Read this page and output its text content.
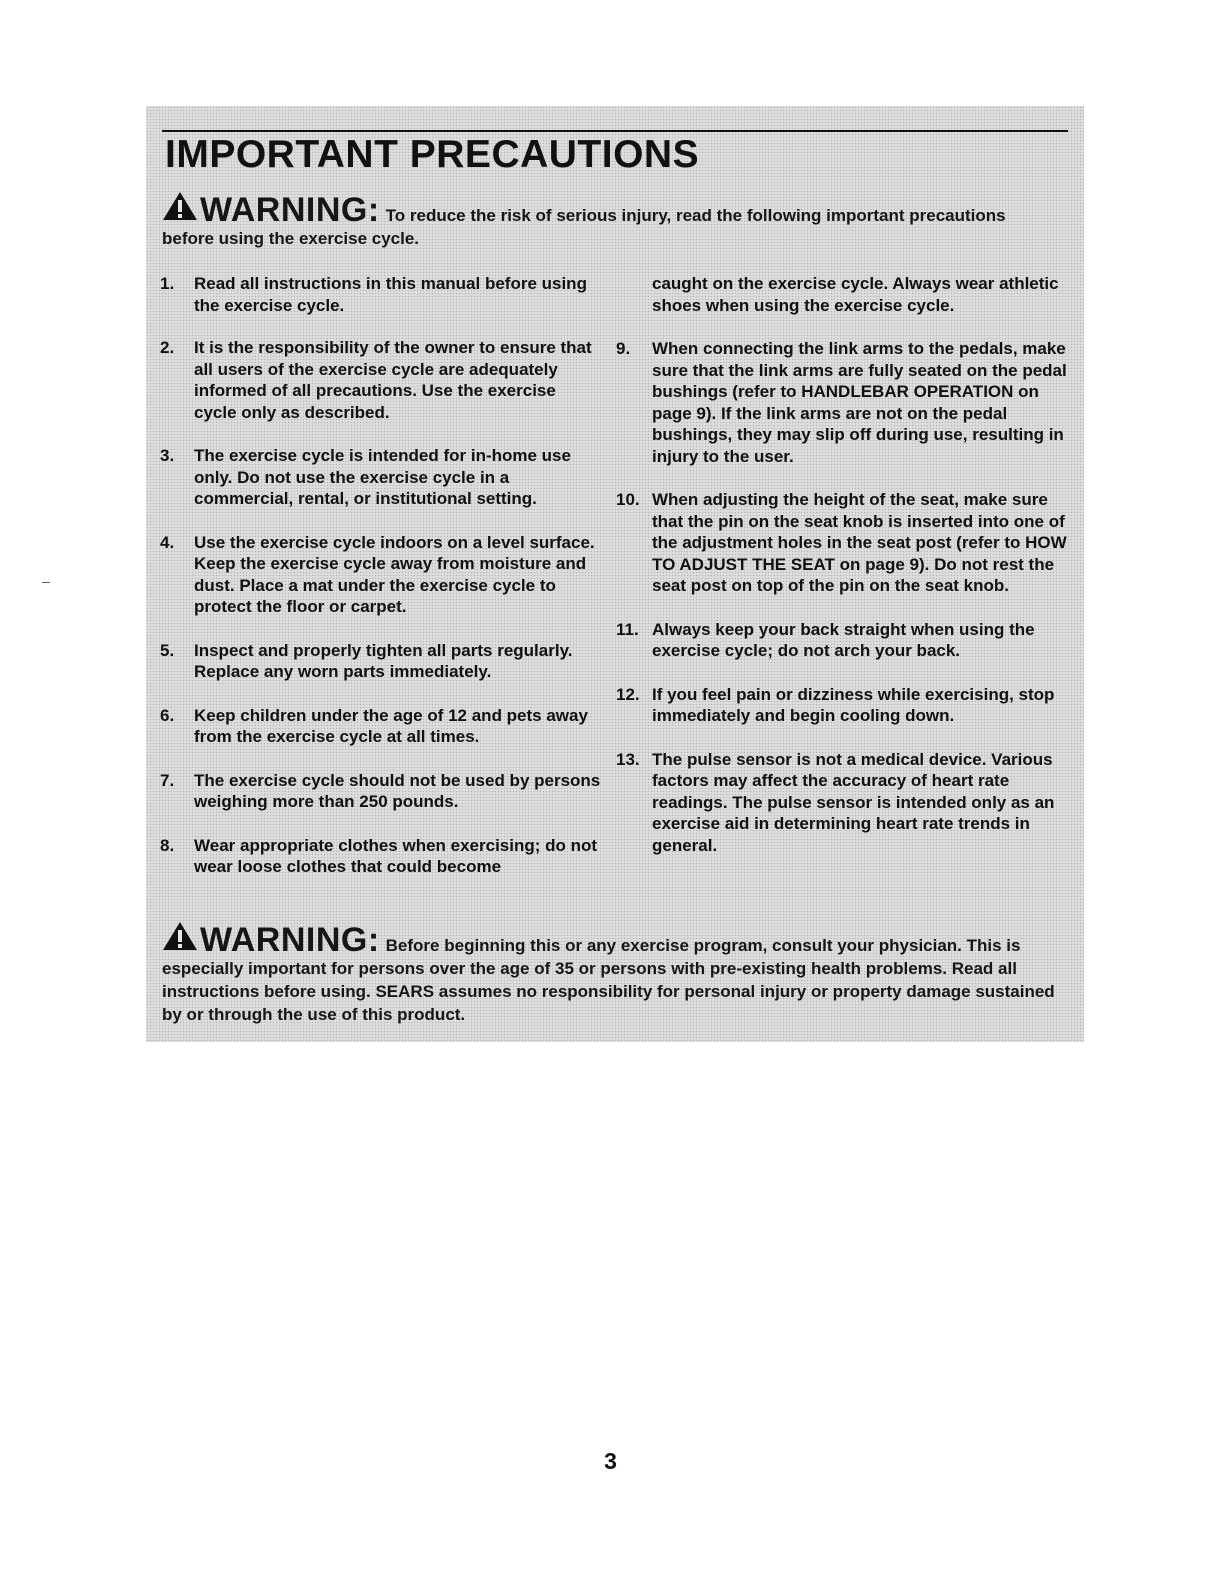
IMPORTANT PRECAUTIONS
WARNING: To reduce the risk of serious injury, read the following important precautions before using the exercise cycle.
1.	Read all instructions in this manual before using the exercise cycle.
2.	It is the responsibility of the owner to ensure that all users of the exercise cycle are adequately informed of all precautions. Use the exercise cycle only as described.
3.	The exercise cycle is intended for in-home use only. Do not use the exercise cycle in a commercial, rental, or institutional setting.
4.	Use the exercise cycle indoors on a level surface. Keep the exercise cycle away from moisture and dust. Place a mat under the exercise cycle to protect the floor or carpet.
5.	Inspect and properly tighten all parts regularly. Replace any worn parts immediately.
6.	Keep children under the age of 12 and pets away from the exercise cycle at all times.
7.	The exercise cycle should not be used by persons weighing more than 250 pounds.
8.	Wear appropriate clothes when exercising; do not wear loose clothes that could become
caught on the exercise cycle. Always wear athletic shoes when using the exercise cycle.
9.	When connecting the link arms to the pedals, make sure that the link arms are fully seated on the pedal bushings (refer to HANDLEBAR OPERATION on page 9). If the link arms are not on the pedal bushings, they may slip off during use, resulting in injury to the user.
10. When adjusting the height of the seat, make sure that the pin on the seat knob is inserted into one of the adjustment holes in the seat post (refer to HOW TO ADJUST THE SEAT on page 9). Do not rest the seat post on top of the pin on the seat knob.
11. Always keep your back straight when using the exercise cycle; do not arch your back.
12. If you feel pain or dizziness while exercising, stop immediately and begin cooling down.
13. The pulse sensor is not a medical device. Various factors may affect the accuracy of heart rate readings. The pulse sensor is intended only as an exercise aid in determining heart rate trends in general.
WARNING: Before beginning this or any exercise program, consult your physician. This is especially important for persons over the age of 35 or persons with pre-existing health problems. Read all instructions before using. SEARS assumes no responsibility for personal injury or property damage sustained by or through the use of this product.
3
